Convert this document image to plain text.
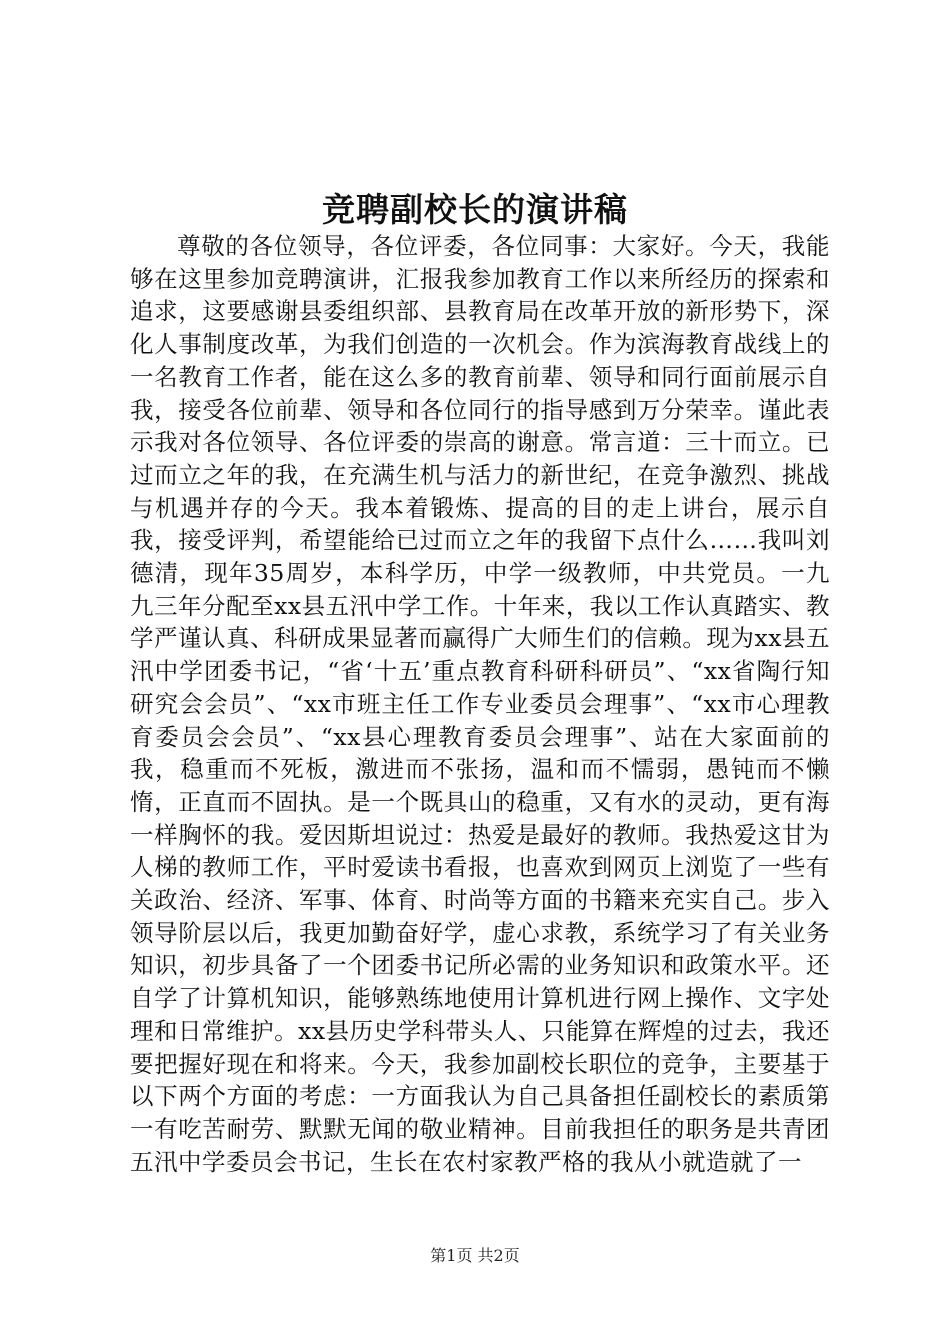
竞聘副校长的演讲稿

尊敬的各位领导，各位评委，各位同事：大家好。今天，我能够在这里参加竞聘演讲，汇报我参加教育工作以来所经历的探索和追求，这要感谢县委组织部、县教育局在改革开放的新形势下，深化人事制度改革，为我们创造的一次机会。作为滨海教育战线上的一名教育工作者，能在这么多的教育前辈、领导和同行面前展示自我，接受各位前辈、领导和各位同行的指导感到万分荣幸。谨此表示我对各位领导、各位评委的崇高的谢意。常言道：三十而立。已过而立之年的我，在充满生机与活力的新世纪，在竞争激烈、挑战与机遇并存的今天。我本着锻炼、提高的目的走上讲台，展示自我，接受评判，希望能给已过而立之年的我留下点什么……我叫刘德清，现年35周岁，本科学历，中学一级教师，中共党员。一九九三年分配至xx县五汛中学工作。十年来，我以工作认真踏实、教学严谨认真、科研成果显著而赢得广大师生们的信赖。现为xx县五汛中学团委书记，“省‘十五’重点教育科研科研员”、“xx省陶行知研究会会员”、“xx市班主任工作专业委员会理事”、“xx市心理教育委员会会员”、“xx县心理教育委员会理事”、站在大家面前的我，稳重而不死板，激进而不张扬，温和而不懦弱，愚钝而不懒惰，正直而不固执。是一个既具山的稳重，又有水的灵动，更有海一样胸怀的我。爱因斯坦说过：热爱是最好的教师。我热爱这甘为人梯的教师工作，平时爱读书看报，也喜欢到网页上浏览了一些有关政治、经济、军事、体育、时尚等方面的书籍来充实自己。步入领导阶层以后，我更加勤奋好学，虚心求教，系统学习了有关业务知识，初步具备了一个团委书记所必需的业务知识和政策水平。还自学了计算机知识，能够熟练地使用计算机进行网上操作、文字处理和日常维护。xx县历史学科带头人、只能算在辉煌的过去，我还要把握好现在和将来。今天，我参加副校长职位的竞争，主要基于以下两个方面的考虑：一方面我认为自己具备担任副校长的素质第一有吃苦耐劳、默默无闻的敬业精神。目前我担任的职务是共青团五汛中学委员会书记，生长在农村家教严格的我从小就造就了一

第1页 共2页
